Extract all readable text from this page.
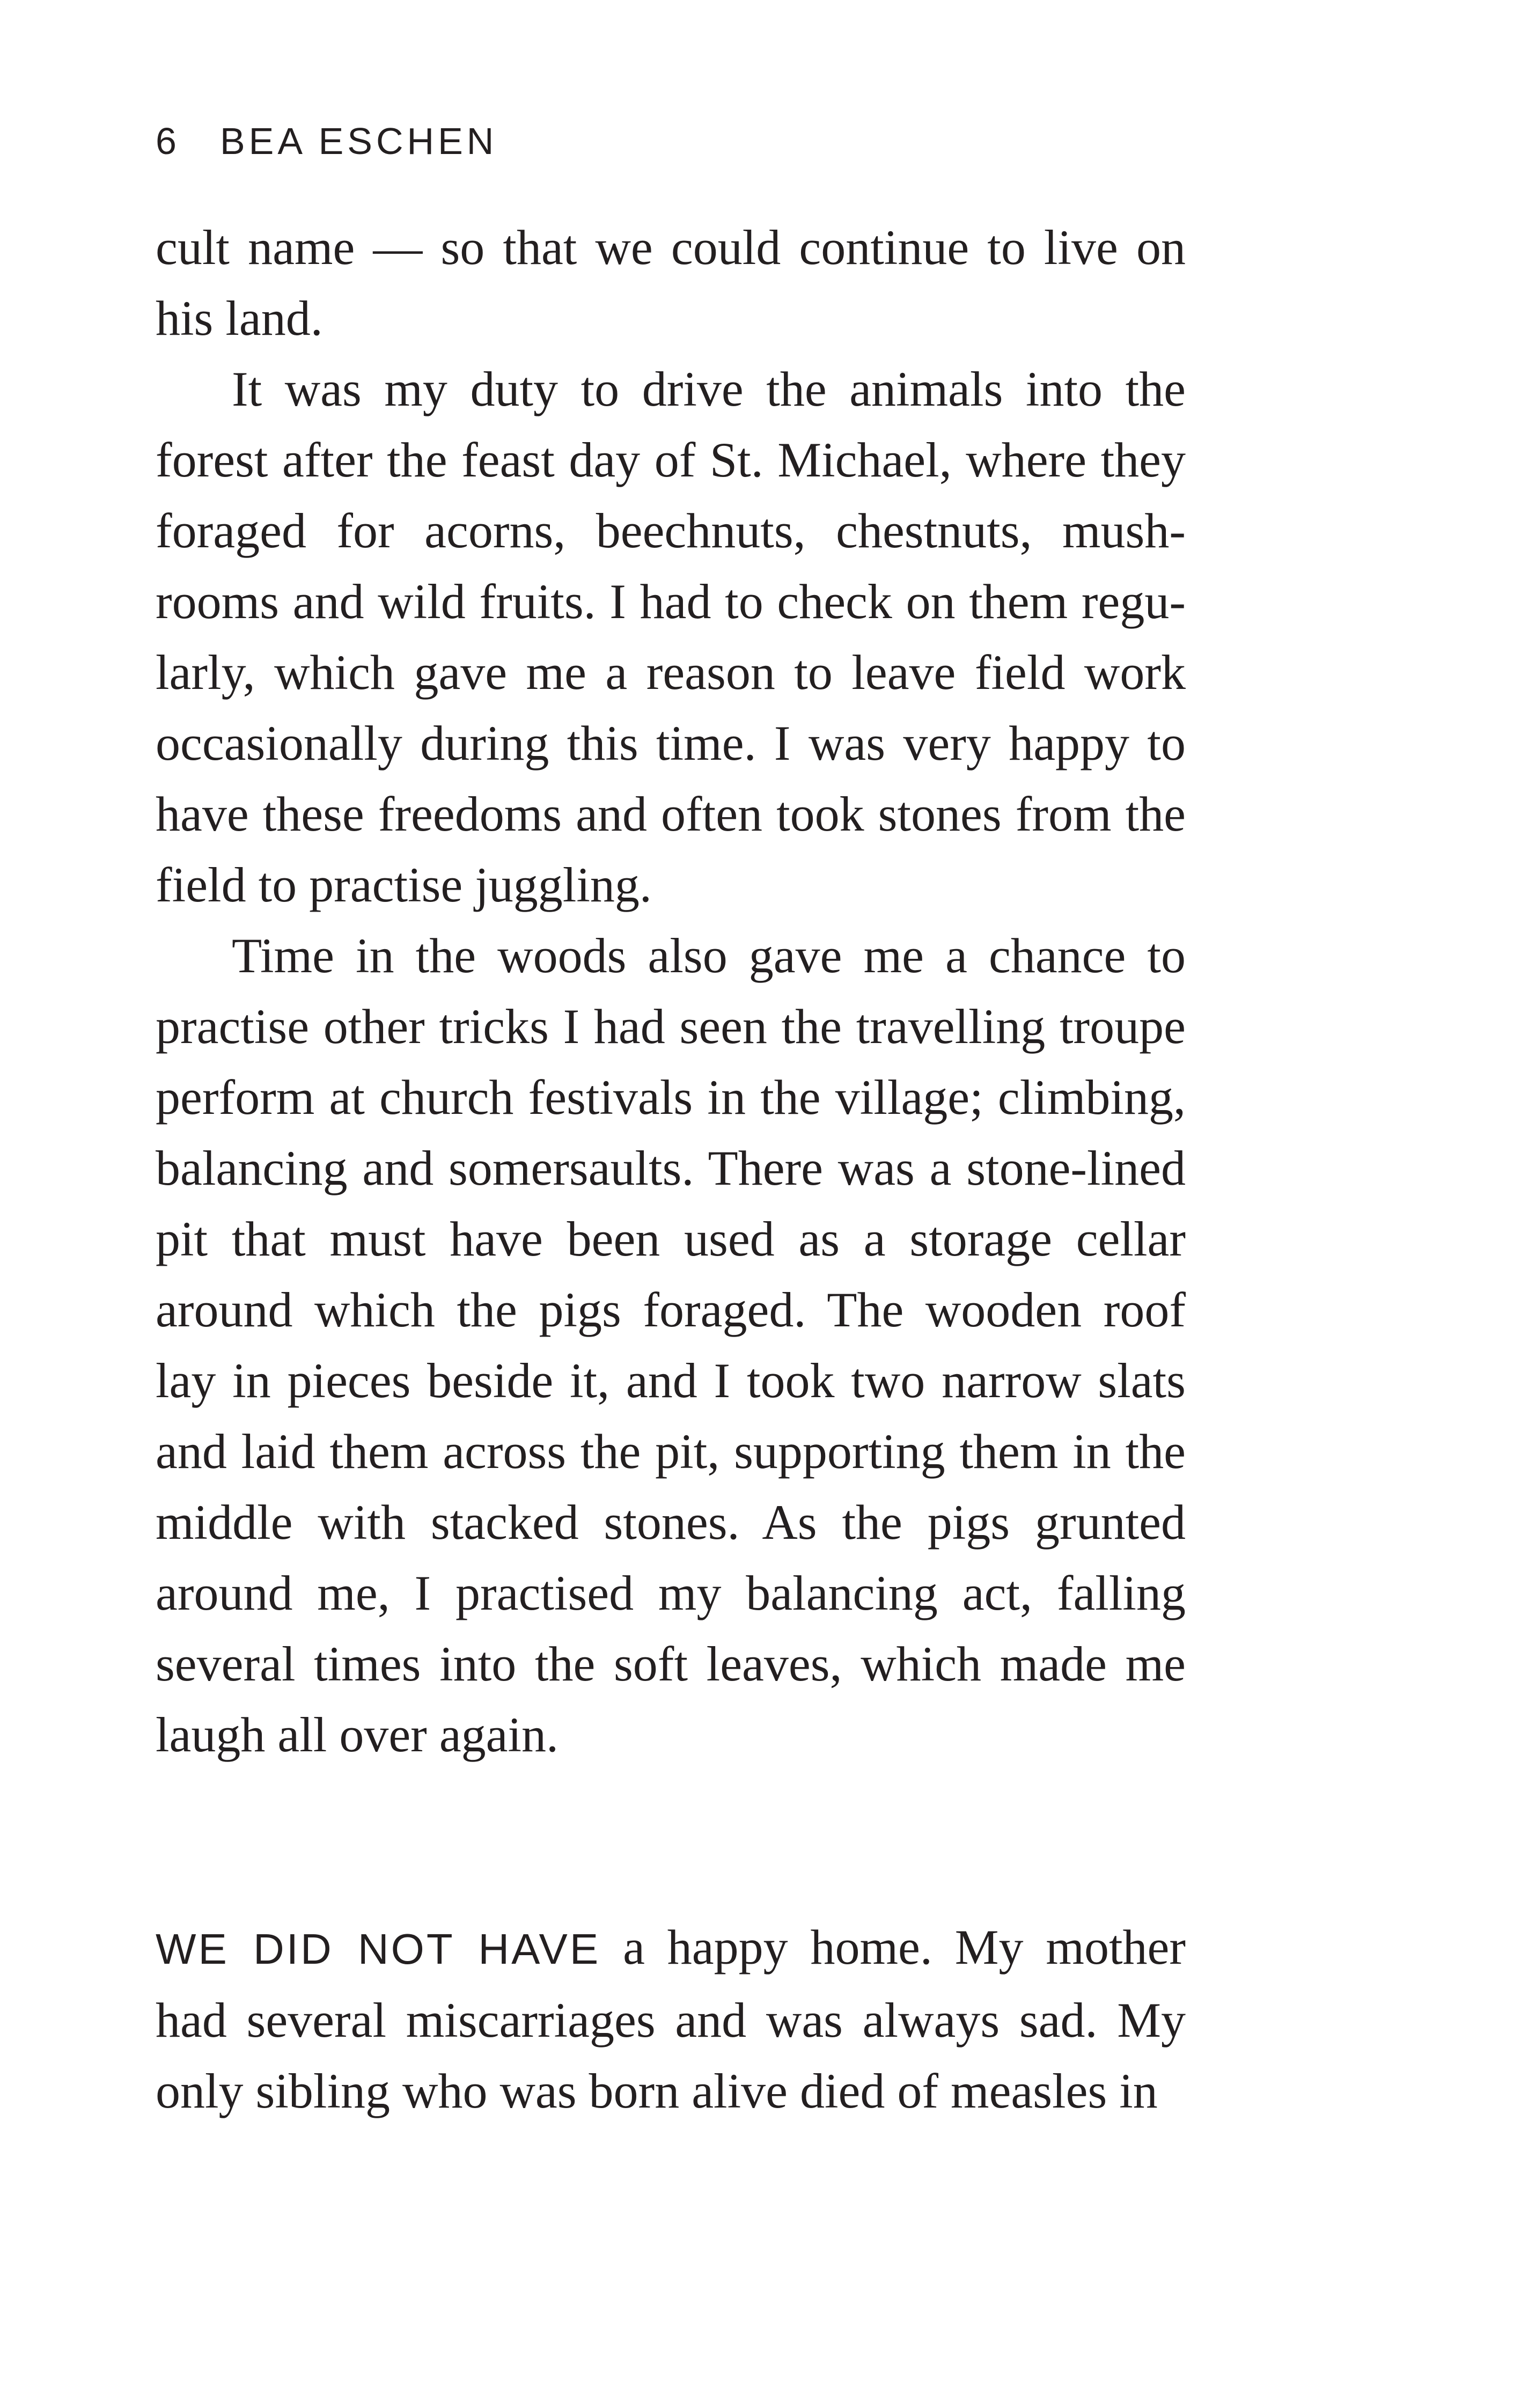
6 BEA ESCHEN

cult name — so that we could continue to live on his land.

It was my duty to drive the animals into the forest after the feast day of St. Michael, where they foraged for acorns, beechnuts, chestnuts, mushrooms and wild fruits. I had to check on them regularly, which gave me a reason to leave field work occasionally during this time. I was very happy to have these freedoms and often took stones from the field to practise juggling.

Time in the woods also gave me a chance to practise other tricks I had seen the travelling troupe perform at church festivals in the village; climbing, balancing and somersaults. There was a stone-lined pit that must have been used as a storage cellar around which the pigs foraged. The wooden roof lay in pieces beside it, and I took two narrow slats and laid them across the pit, supporting them in the middle with stacked stones. As the pigs grunted around me, I practised my balancing act, falling several times into the soft leaves, which made me laugh all over again.

WE DID NOT HAVE a happy home. My mother had several miscarriages and was always sad. My only sibling who was born alive died of measles in
